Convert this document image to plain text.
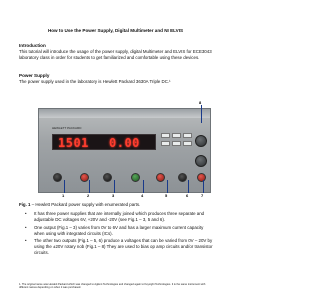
How to Use the Power Supply, Digital Multimeter and NI ELVIS
Introduction
This tutorial will introduce the usage of the power supply, digital Multimeter and ELVIS for ECE3043 laboratory class in order for students to get familiarized and comfortable using these devices.
Power Supply
The power supply used in the laboratory is Hewlett Packard 3630A Triple DC.¹
HEWLETT PACKARD
1501 0.00
1	2	3	4	5	6	7
8
Fig. 1 – Hewlett Packard power supply with enumerated parts.
• It has three power supplies that are internally joined which produces three separate and adjustable DC voltages 6V, +20V and -20V (see Fig.1 – 3, 5 and 6).
• One output (Fig.1 – 3) varies from 0V to 6V and has a larger maximum current capacity when using with integrated circuits (ICs).
• The other two outputs (Fig.1 – 5, 6) produce a voltages that can be varied from 0V – 20V by using the ±20V rotary nob (Fig.1 – 8) They are used to bias op amp circuits and/or transistor circuits.
1. The original name was Hewlett Packard which was changed to Agilent Technologies and changed again to Keysight Technologies. It is the same instrument with different names depending on when it was purchased.
